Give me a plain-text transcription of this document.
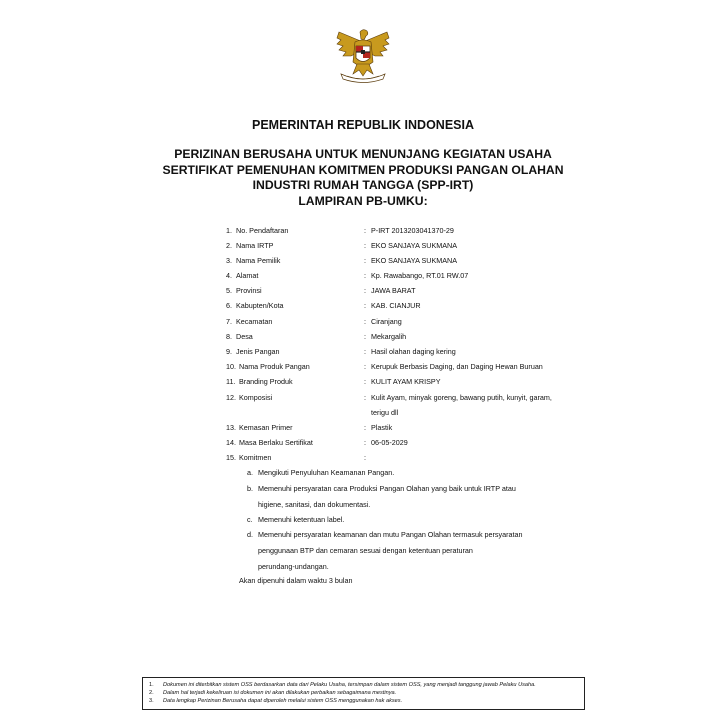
PEMERINTAH REPUBLIK INDONESIA
PERIZINAN BERUSAHA UNTUK MENUNJANG KEGIATAN USAHA
SERTIFIKAT PEMENUHAN KOMITMEN PRODUKSI PANGAN OLAHAN
INDUSTRI RUMAH TANGGA (SPP-IRT)
LAMPIRAN PB-UMKU:
1. No. Pendaftaran	: P-IRT 2013203041370-29
2. Nama IRTP	: EKO SANJAYA SUKMANA
3. Nama Pemilik	: EKO SANJAYA SUKMANA
4. Alamat	: Kp. Rawabango, RT.01 RW.07
5. Provinsi	: JAWA BARAT
6. Kabupten/Kota	: KAB. CIANJUR
7. Kecamatan	: Ciranjang
8. Desa	: Mekargalih
9. Jenis Pangan	: Hasil olahan daging kering
10. Nama Produk Pangan	: Kerupuk Berbasis Daging, dan Daging Hewan Buruan
11. Branding Produk	: KULIT AYAM KRISPY
12. Komposisi	: Kulit Ayam, minyak goreng, bawang putih, kunyit, garam,
terigu dll
13. Kemasan Primer	: Plastik
14. Masa Berlaku Sertifikat	: 06-05-2029
15. Komitmen	:
a. Mengikuti Penyuluhan Keamanan Pangan.
b. Memenuhi persyaratan cara Produksi Pangan Olahan yang baik untuk IRTP atau
higiene, sanitasi, dan dokumentasi.
c. Memenuhi ketentuan label.
d. Memenuhi persyaratan keamanan dan mutu Pangan Olahan termasuk persyaratan
penggunaan BTP dan cemaran sesuai dengan ketentuan peraturan
perundang-undangan.
Akan dipenuhi dalam waktu 3 bulan
1. Dokumen ini diterbitkan sistem OSS berdasarkan data dari Pelaku Usaha, tersimpan dalam sistem OSS, yang menjadi tanggung jawab Pelaku Usaha.
2. Dalam hal terjadi kekeliruan isi dokumen ini akan dilakukan perbaikan sebagaimana mestinya.
3. Data lengkap Perizinan Berusaha dapat diperoleh melalui sistem OSS menggunakan hak akses.
